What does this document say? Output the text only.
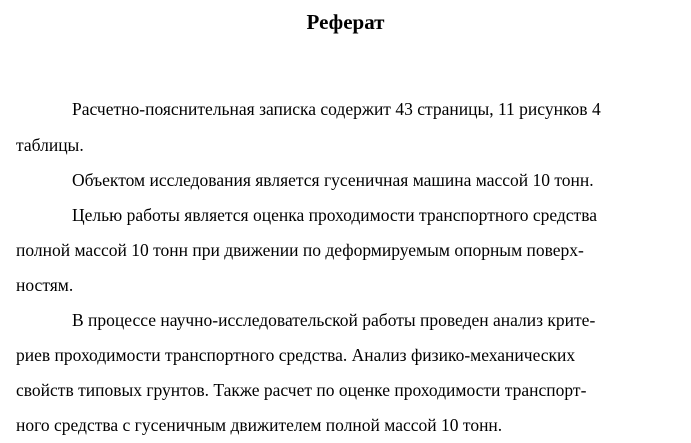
Реферат
Расчетно-пояснительная записка содержит 43 страницы, 11 рисунков 4
таблицы.
Объектом исследования является гусеничная машина массой 10 тонн.
Целью работы является оценка проходимости транспортного средства
полной массой 10 тонн при движении по деформируемым опорным поверх-
ностям.
В процессе научно-исследовательской работы проведен анализ крите-
риев проходимости транспортного средства. Анализ физико-механических
свойств типовых грунтов. Также расчет по оценке проходимости транспорт-
ного средства с гусеничным движителем полной массой 10 тонн.
